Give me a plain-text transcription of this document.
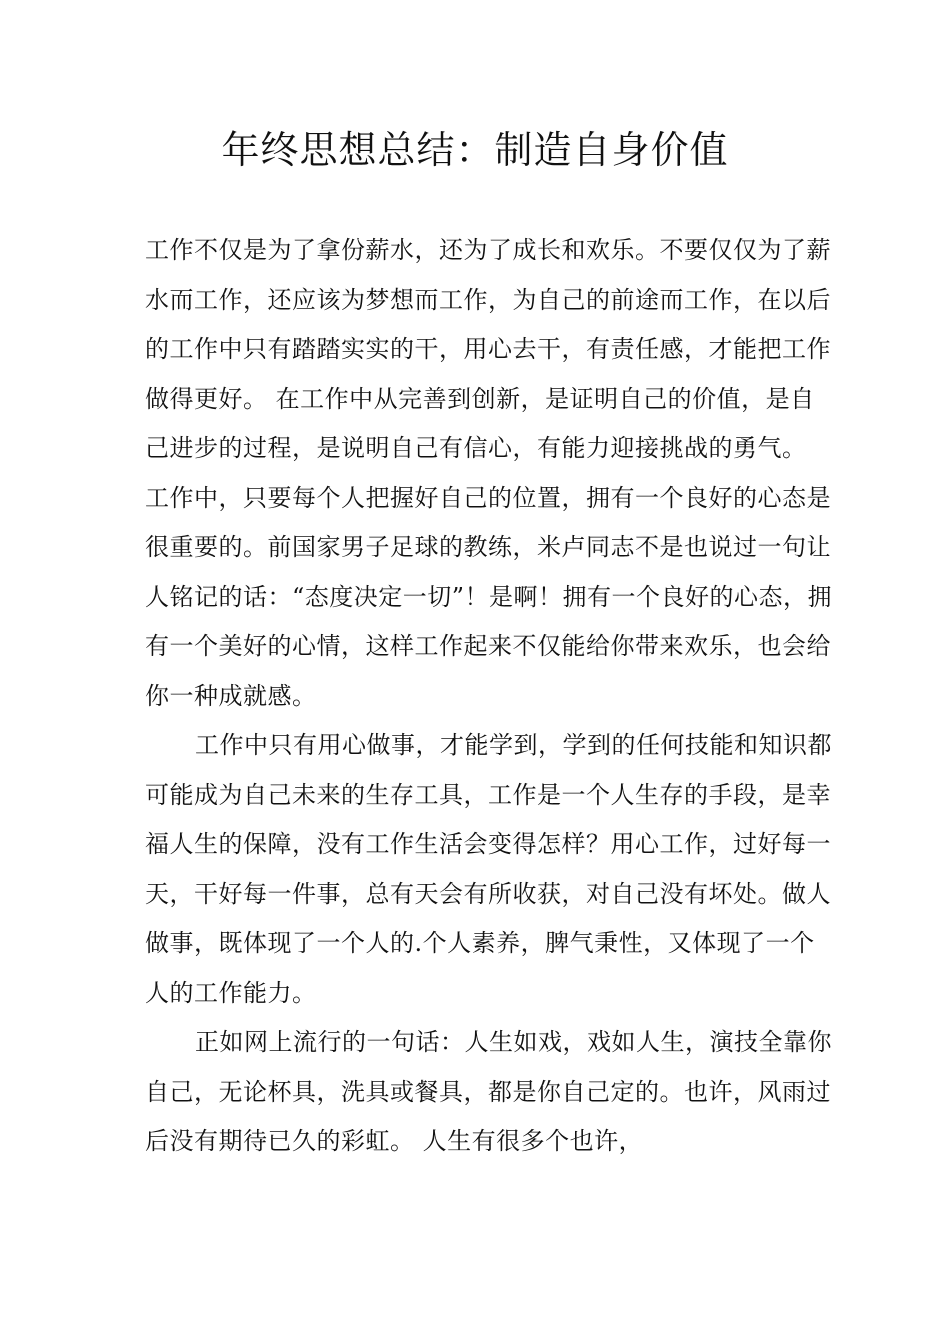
年终思想总结：制造自身价值

工作不仅是为了拿份薪水，还为了成长和欢乐。不要仅仅为了薪水而工作，还应该为梦想而工作，为自己的前途而工作，在以后的工作中只有踏踏实实的干，用心去干，有责任感，才能把工作做得更好。 在工作中从完善到创新，是证明自己的价值，是自己进步的过程，是说明自己有信心，有能力迎接挑战的勇气。 工作中，只要每个人把握好自己的位置，拥有一个良好的心态是很重要的。前国家男子足球的教练，米卢同志不是也说过一句让人铭记的话：“态度决定一切”！是啊！拥有一个良好的心态，拥有一个美好的心情，这样工作起来不仅能给你带来欢乐，也会给你一种成就感。

工作中只有用心做事，才能学到，学到的任何技能和知识都可能成为自己未来的生存工具，工作是一个人生存的手段，是幸福人生的保障，没有工作生活会变得怎样？用心工作，过好每一天，干好每一件事，总有天会有所收获，对自己没有坏处。做人做事，既体现了一个人的.个人素养，脾气秉性，又体现了一个人的工作能力。

正如网上流行的一句话：人生如戏，戏如人生，演技全靠你自己，无论杯具，洗具或餐具，都是你自己定的。也许，风雨过后没有期待已久的彩虹。 人生有很多个也许，
